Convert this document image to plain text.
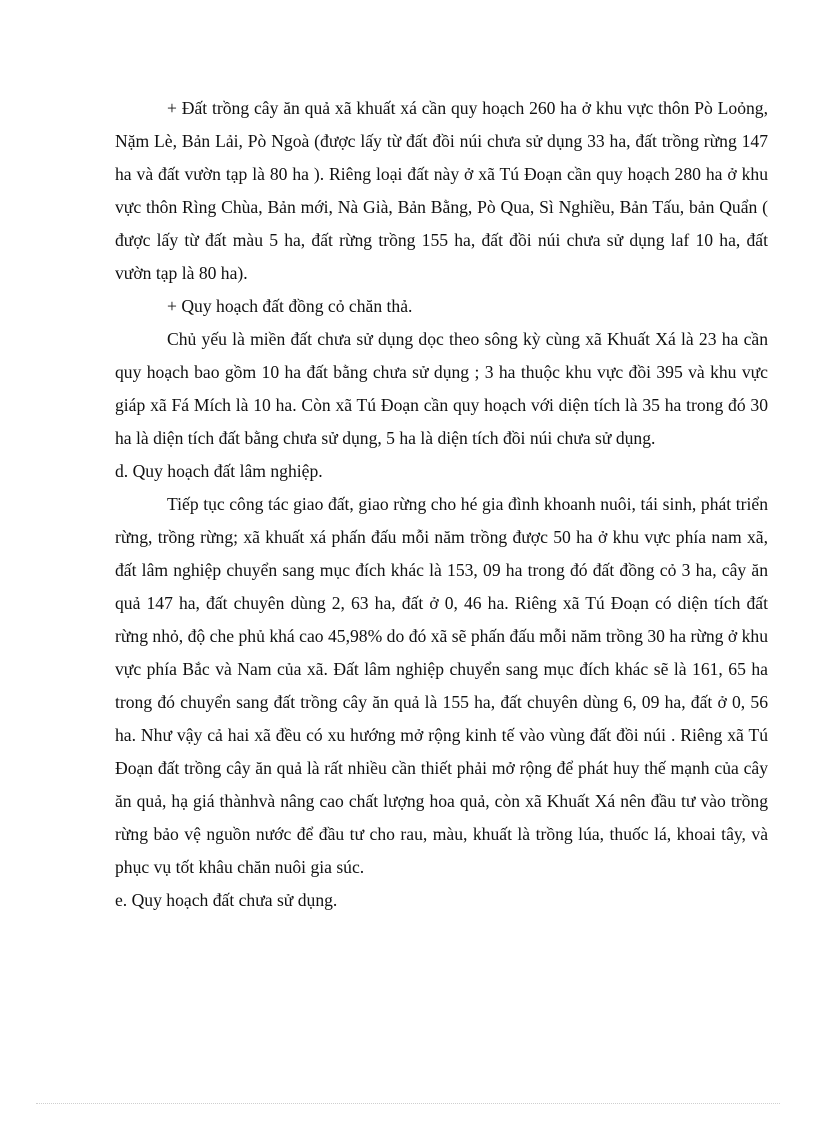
+ Đất trồng cây ăn quả xã khuất xá cần quy hoạch 260 ha ở khu vực thôn Pò Loỏng, Nặm Lè, Bản Lải, Pò Ngoà (được lấy từ đất đồi núi chưa sử dụng 33 ha, đất trồng rừng 147 ha và đất vườn tạp là 80 ha ). Riêng loại đất này ở xã Tú Đoạn cần quy hoạch 280 ha ở khu vực thôn Rìng Chùa, Bản mới, Nà Già, Bản Bằng, Pò Qua, Sì Nghiều, Bản Tấu, bản Quẩn ( được lấy từ đất màu 5 ha, đất rừng trồng 155 ha, đất đồi núi chưa sử dụng laf 10 ha, đất vườn tạp là 80 ha).

+ Quy hoạch đất đồng cỏ chăn thả.

Chủ yếu là miền đất chưa sử dụng dọc theo sông kỳ cùng xã Khuất Xá là 23 ha cần quy hoạch bao gồm 10 ha đất bằng chưa sử dụng ; 3 ha thuộc khu vực đồi 395 và khu vực giáp xã Fá Mích là 10 ha. Còn xã Tú Đoạn cần quy hoạch với diện tích là 35 ha trong đó 30 ha là diện tích đất bằng chưa sử dụng, 5 ha là diện tích đồi núi chưa sử dụng.

d. Quy hoạch đất lâm nghiệp.

Tiếp tục công tác giao đất, giao rừng cho hé gia đình khoanh nuôi, tái sinh, phát triển rừng, trồng rừng; xã khuất xá phấn đấu mỗi năm trồng được 50 ha ở khu vực phía nam xã, đất lâm nghiệp chuyển sang mục đích khác là 153, 09 ha trong đó đất đồng cỏ 3 ha, cây ăn quả 147 ha, đất chuyên dùng 2, 63 ha, đất ở 0, 46 ha. Riêng xã Tú Đoạn có diện tích đất rừng nhỏ, độ che phủ khá cao 45,98% do đó xã sẽ phấn đấu mỗi năm trồng 30 ha rừng ở khu vực phía Bắc và Nam của xã. Đất lâm nghiệp chuyển sang mục đích khác sẽ là 161, 65 ha trong đó chuyển sang đất trồng cây ăn quả là 155 ha, đất chuyên dùng 6, 09 ha, đất ở 0, 56 ha. Như vậy cả hai xã đều có xu hướng mở rộng kinh tế vào vùng đất đồi núi . Riêng xã Tú Đoạn đất trồng cây ăn quả là rất nhiều cần thiết phải mở rộng để phát huy thế mạnh của cây ăn quả, hạ giá thànhvà nâng cao chất lượng hoa quả, còn xã Khuất Xá nên đầu tư vào trồng rừng bảo vệ nguồn nước để đầu tư cho rau, màu, khuất là trồng lúa, thuốc lá, khoai tây, và phục vụ tốt khâu chăn nuôi gia súc.

e. Quy hoạch đất chưa sử dụng.
